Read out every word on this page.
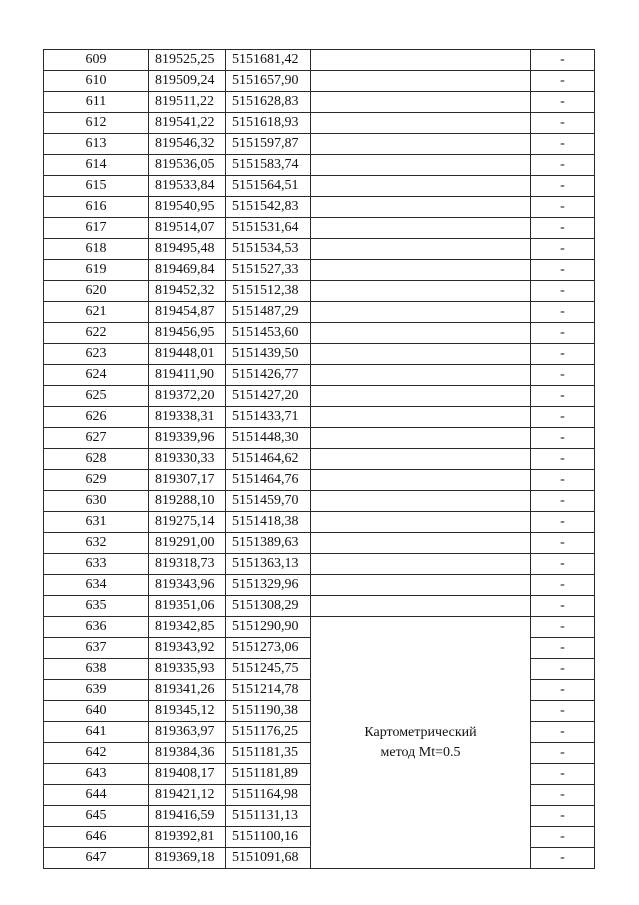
609	819525,25	5151681,42		-
610	819509,24	5151657,90		-
611	819511,22	5151628,83		-
612	819541,22	5151618,93		-
613	819546,32	5151597,87		-
614	819536,05	5151583,74		-
615	819533,84	5151564,51		-
616	819540,95	5151542,83		-
617	819514,07	5151531,64		-
618	819495,48	5151534,53		-
619	819469,84	5151527,33		-
620	819452,32	5151512,38		-
621	819454,87	5151487,29		-
622	819456,95	5151453,60		-
623	819448,01	5151439,50		-
624	819411,90	5151426,77		-
625	819372,20	5151427,20		-
626	819338,31	5151433,71		-
627	819339,96	5151448,30		-
628	819330,33	5151464,62		-
629	819307,17	5151464,76		-
630	819288,10	5151459,70		-
631	819275,14	5151418,38		-
632	819291,00	5151389,63		-
633	819318,73	5151363,13		-
634	819343,96	5151329,96		-
635	819351,06	5151308,29		-
636	819342,85	5151290,90	Картометрический
метод Mt=0.5	-
637	819343,92	5151273,06		-
638	819335,93	5151245,75		-
639	819341,26	5151214,78		-
640	819345,12	5151190,38		-
641	819363,97	5151176,25		-
642	819384,36	5151181,35		-
643	819408,17	5151181,89		-
644	819421,12	5151164,98		-
645	819416,59	5151131,13		-
646	819392,81	5151100,16		-
647	819369,18	5151091,68		-
